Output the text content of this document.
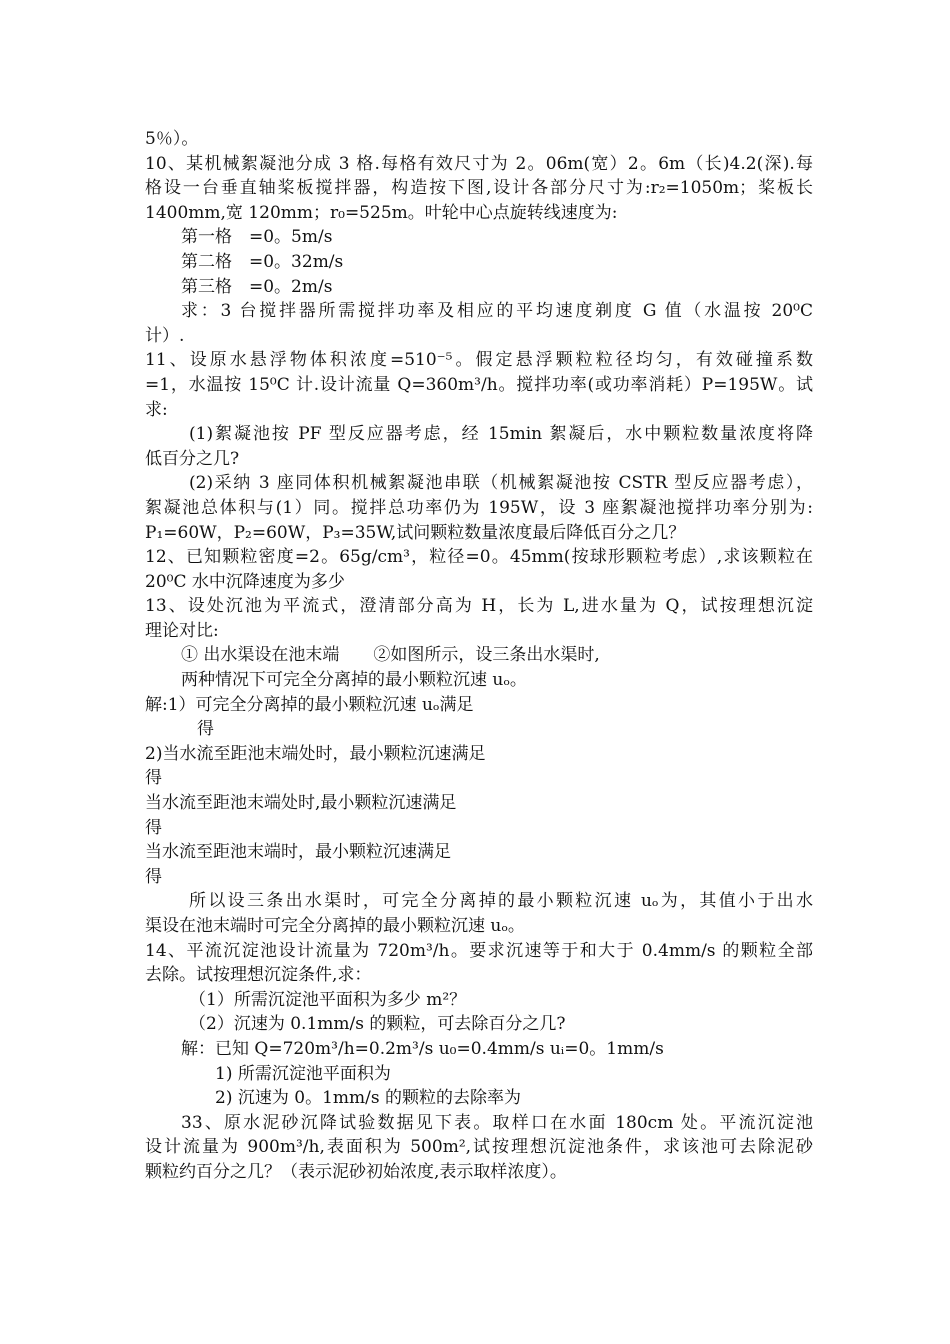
5％）。
10、某机械絮凝池分成 3 格.每格有效尺寸为 2。06m(宽）2。6m（长)4.2(深).每
格设一台垂直轴桨板搅拌器，构造按下图,设计各部分尺寸为:r₂=1050m；桨板长
1400mm,宽 120mm；r₀=525m。叶轮中心点旋转线速度为:
第一格　=0。5m/s
第二格　=0。32m/s
第三格　=0。2m/s
求：3 台搅拌器所需搅拌功率及相应的平均速度剃度 G 值（水温按 20⁰C
计）.
11、设原水悬浮物体积浓度=510⁻⁵。假定悬浮颗粒粒径均匀，有效碰撞系数
=1，水温按 15⁰C 计.设计流量 Q=360m³/h。搅拌功率(或功率消耗）P=195W。试
求:
(1)絮凝池按 PF 型反应器考虑，经 15min 絮凝后，水中颗粒数量浓度将降
低百分之几?
(2)采纳 3 座同体积机械絮凝池串联（机械絮凝池按 CSTR 型反应器考虑），
絮凝池总体积与(1）同。搅拌总功率仍为 195W，设 3 座絮凝池搅拌功率分别为:
P₁=60W，P₂=60W，P₃=35W,试问颗粒数量浓度最后降低百分之几？
12、已知颗粒密度=2。65g/cm³，粒径=0。45mm(按球形颗粒考虑）,求该颗粒在
20⁰C 水中沉降速度为多少
13、设处沉池为平流式，澄清部分高为 H，长为 L,进水量为 Q，试按理想沉淀
理论对比:
① 出水渠设在池末端　　②如图所示，设三条出水渠时,
两种情况下可完全分离掉的最小颗粒沉速 uₒ。
解:1）可完全分离掉的最小颗粒沉速 uₒ满足
得
2)当水流至距池末端处时，最小颗粒沉速满足
得
当水流至距池末端处时,最小颗粒沉速满足
得
当水流至距池末端时，最小颗粒沉速满足
得
所以设三条出水渠时，可完全分离掉的最小颗粒沉速 uₒ为，其值小于出水
渠设在池末端时可完全分离掉的最小颗粒沉速 uₒ。
14、平流沉淀池设计流量为 720m³/h。要求沉速等于和大于 0.4mm/s 的颗粒全部
去除。试按理想沉淀条件,求：
（1）所需沉淀池平面积为多少 m²？
（2）沉速为 0.1mm/s 的颗粒，可去除百分之几?
解：已知 Q=720m³/h=0.2m³/s u₀=0.4mm/s uᵢ=0。1mm/s
1) 所需沉淀池平面积为
2) 沉速为 0。1mm/s 的颗粒的去除率为
33、原水泥砂沉降试验数据见下表。取样口在水面 180cm 处。平流沉淀池
设计流量为 900m³/h,表面积为 500m²,试按理想沉淀池条件，求该池可去除泥砂
颗粒约百分之几？（表示泥砂初始浓度,表示取样浓度）。
